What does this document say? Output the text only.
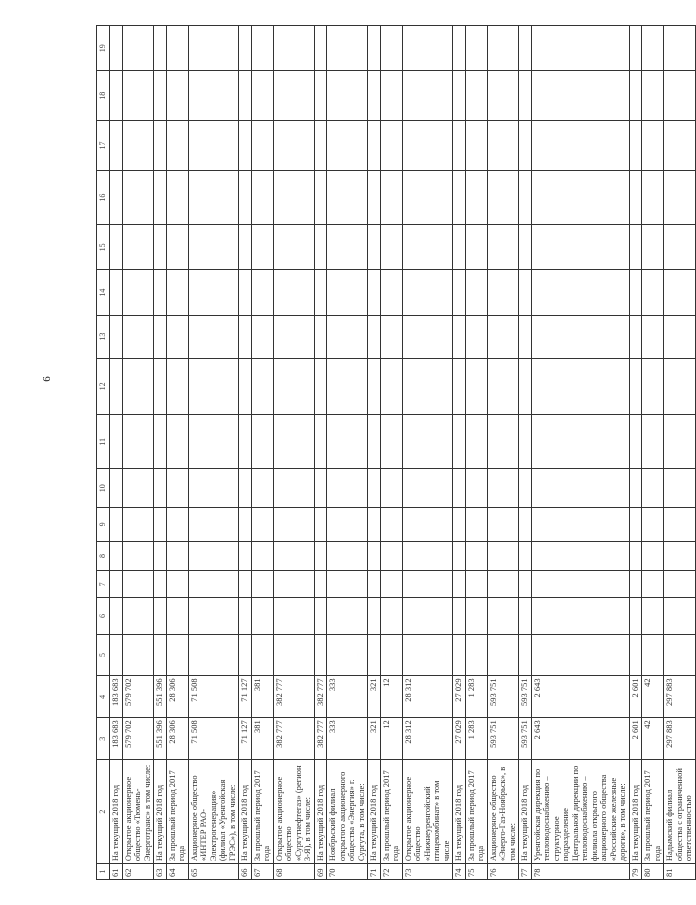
6
1	2	3	4	5	6	7	8	9	10	11	12	13	14	15	16	17	18	19
61	На текущий 2018 год	183 683	183 683															
62	Открытое акционерное общество «Тюмень-Энерготранс» в том числе:	579 702	579 702															
63	На текущий 2018 год	551 396	551 396															
64	За прошлый период 2017 года	28 306	28 306															
65	Акционерное общество «ИНТЕР РАО-Электрогенерация» (филиал «Уренгойская ГРЭС»), в том числе:	71 508	71 508															
66	На текущий 2018 год	71 127	71 127															
67	За прошлый период 2017 года	381	381															
68	Открытое акционерное общество «Сургутнефтегаз» (регион 3-Я), в том числе:	382 777	382 777															
69	На текущий 2018 год	382 777	382 777															
70	Ноябрьский филиал открытого акционерного общества «Энергия» г. Сургута, в том числе:	333	333															
71	На текущий 2018 год	321	321															
72	За прошлый период 2017 года	12	12															
73	Открытое акционерное общество «Нижнеуренгойский птицекомбинат» в том числе	28 312	28 312															
74	На текущий 2018 год	27 029	27 029															
75	За прошлый период 2017 года	1 283	1 283															
76	Акционерное общество «Энерго-Газ-Ноябрьск», в том числе:	593 751	593 751															
77	На текущий 2018 год	593 751	593 751															
78	Уренгойская дирекция по тепловодоснабжению – структурное подразделение Центральной дирекции по тепловодоснабжению – филиала открытого акционерного общества «Российские железные дороги», в том числе:	2 643	2 643															
79	На текущий 2018 год	2 601	2 601															
80	За прошлый период 2017 года	42	42															
81	Надымский филиал общества с ограниченной ответственностью	297 883	297 883															
